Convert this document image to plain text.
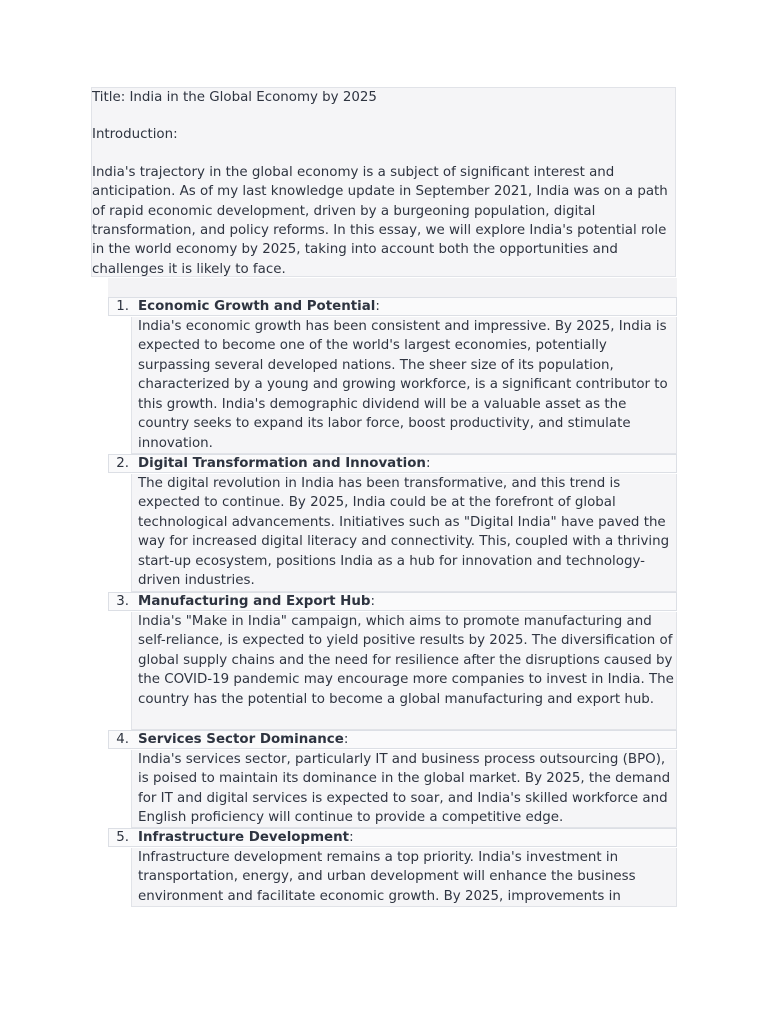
Title: India in the Global Economy by 2025

Introduction:

India's trajectory in the global economy is a subject of significant interest and anticipation. As of my last knowledge update in September 2021, India was on a path of rapid economic development, driven by a burgeoning population, digital transformation, and policy reforms. In this essay, we will explore India's potential role in the world economy by 2025, taking into account both the opportunities and challenges it is likely to face.

1. Economic Growth and Potential:
India's economic growth has been consistent and impressive. By 2025, India is expected to become one of the world's largest economies, potentially surpassing several developed nations. The sheer size of its population, characterized by a young and growing workforce, is a significant contributor to this growth. India's demographic dividend will be a valuable asset as the country seeks to expand its labor force, boost productivity, and stimulate innovation.
2. Digital Transformation and Innovation:
The digital revolution in India has been transformative, and this trend is expected to continue. By 2025, India could be at the forefront of global technological advancements. Initiatives such as "Digital India" have paved the way for increased digital literacy and connectivity. This, coupled with a thriving start-up ecosystem, positions India as a hub for innovation and technology-driven industries.
3. Manufacturing and Export Hub:
India's "Make in India" campaign, which aims to promote manufacturing and self-reliance, is expected to yield positive results by 2025. The diversification of global supply chains and the need for resilience after the disruptions caused by the COVID-19 pandemic may encourage more companies to invest in India. The country has the potential to become a global manufacturing and export hub.
4. Services Sector Dominance:
India's services sector, particularly IT and business process outsourcing (BPO), is poised to maintain its dominance in the global market. By 2025, the demand for IT and digital services is expected to soar, and India's skilled workforce and English proficiency will continue to provide a competitive edge.
5. Infrastructure Development:
Infrastructure development remains a top priority. India's investment in transportation, energy, and urban development will enhance the business environment and facilitate economic growth. By 2025, improvements in
